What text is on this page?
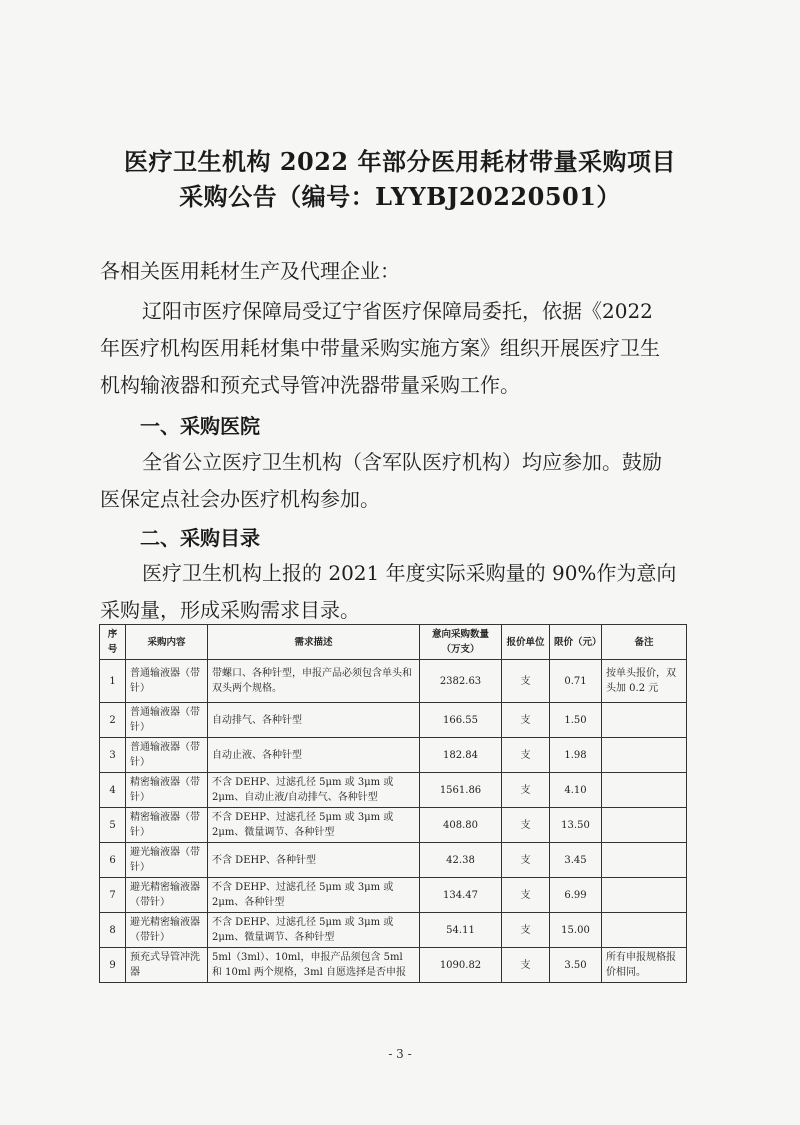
医疗卫生机构 2022 年部分医用耗材带量采购项目
采购公告（编号：LYYBJ20220501）
各相关医用耗材生产及代理企业：
辽阳市医疗保障局受辽宁省医疗保障局委托，依据《2022
年医疗机构医用耗材集中带量采购实施方案》组织开展医疗卫生
机构输液器和预充式导管冲洗器带量采购工作。
一、采购医院
全省公立医疗卫生机构（含军队医疗机构）均应参加。鼓励
医保定点社会办医疗机构参加。
二、采购目录
医疗卫生机构上报的 2021 年度实际采购量的 90%作为意向
采购量，形成采购需求目录。
序号	采购内容	需求描述	意向采购数量（万支）	报价单位	限价（元）	备注
1	普通输液器（带针）	带螺口、各种针型，申报产品必须包含单头和双头两个规格。	2382.63	支	0.71	按单头报价，双头加 0.2 元
2	普通输液器（带针）	自动排气、各种针型	166.55	支	1.50	
3	普通输液器（带针）	自动止液、各种针型	182.84	支	1.98	
4	精密输液器（带针）	不含 DEHP、过滤孔径 5μm 或 3μm 或 2μm、自动止液/自动排气、各种针型	1561.86	支	4.10	
5	精密输液器（带针）	不含 DEHP、过滤孔径 5μm 或 3μm 或 2μm、微量调节、各种针型	408.80	支	13.50	
6	避光输液器（带针）	不含 DEHP、各种针型	42.38	支	3.45	
7	避光精密输液器（带针）	不含 DEHP、过滤孔径 5μm 或 3μm 或 2μm、各种针型	134.47	支	6.99	
8	避光精密输液器（带针）	不含 DEHP、过滤孔径 5μm 或 3μm 或 2μm、微量调节、各种针型	54.11	支	15.00	
9	预充式导管冲洗器	5ml（3ml）、10ml，申报产品须包含 5ml 和 10ml 两个规格，3ml 自愿选择是否申报	1090.82	支	3.50	所有申报规格报价相同。
- 3 -
